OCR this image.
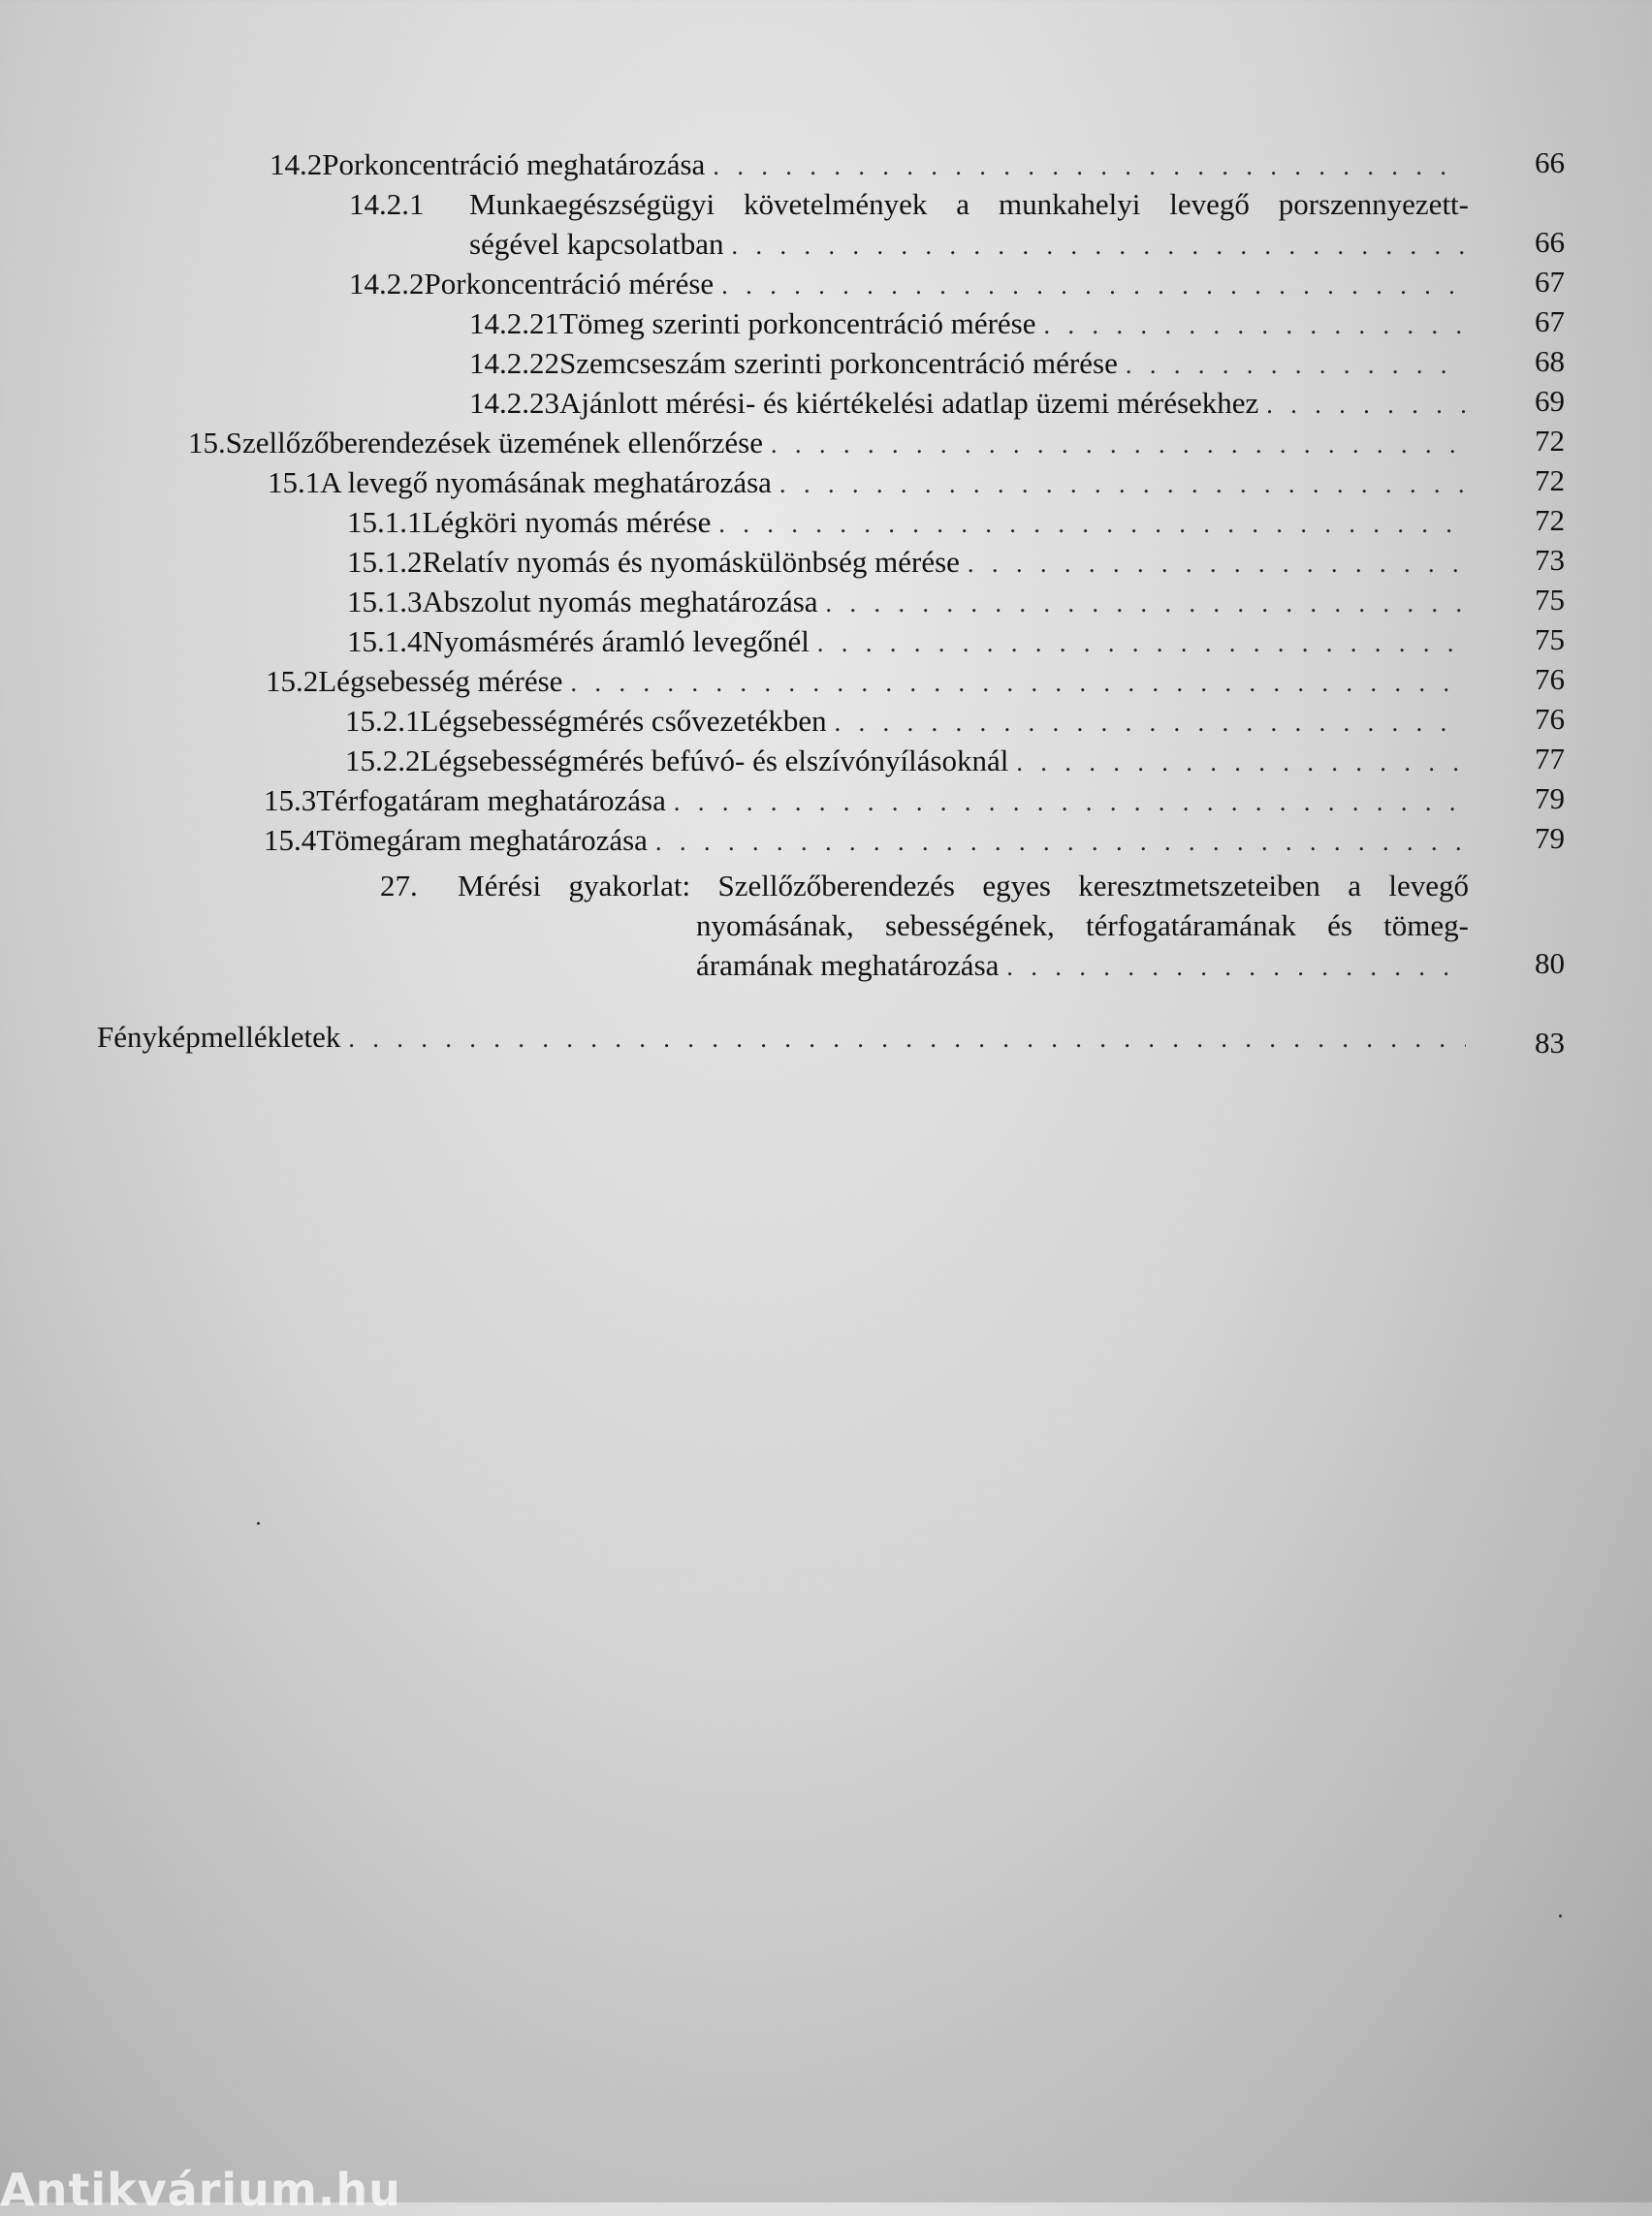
14.2 Porkoncentráció meghatározása . . .	66
14.2.1 Munkaegészségügyi követelmények a munkahelyi levegő porszennyezett-
ségével kapcsolatban . . .	66
14.2.2 Porkoncentráció mérése . . .	67
14.2.21 Tömeg szerinti porkoncentráció mérése . . .	67
14.2.22 Szemcseszám szerinti porkoncentráció mérése . . .	68
14.2.23 Ajánlott mérési- és kiértékelési adatlap üzemi mérésekhez . . .	69
15. Szellőzőberendezések üzemének ellenőrzése . . .	72
15.1 A levegő nyomásának meghatározása . . .	72
15.1.1 Légköri nyomás mérése . . .	72
15.1.2 Relatív nyomás és nyomáskülönbség mérése . . .	73
15.1.3 Abszolut nyomás meghatározása . . .	75
15.1.4 Nyomásmérés áramló levegőnél . . .	75
15.2 Légsebesség mérése . . .	76
15.2.1 Légsebességmérés csővezetékben . . .	76
15.2.2 Légsebességmérés befúvó- és elszívónyílásoknál . . .	77
15.3 Térfogatáram meghatározása . . .	79
15.4 Tömegáram meghatározása . . .	79
27. Mérési gyakorlat: Szellőzőberendezés egyes keresztmetszeteiben a levegő
nyomásának, sebességének, térfogatáramának és tömeg-
áramának meghatározása . . .	80
Fényképmellékletek . . .	83
Antikvárium.hu
